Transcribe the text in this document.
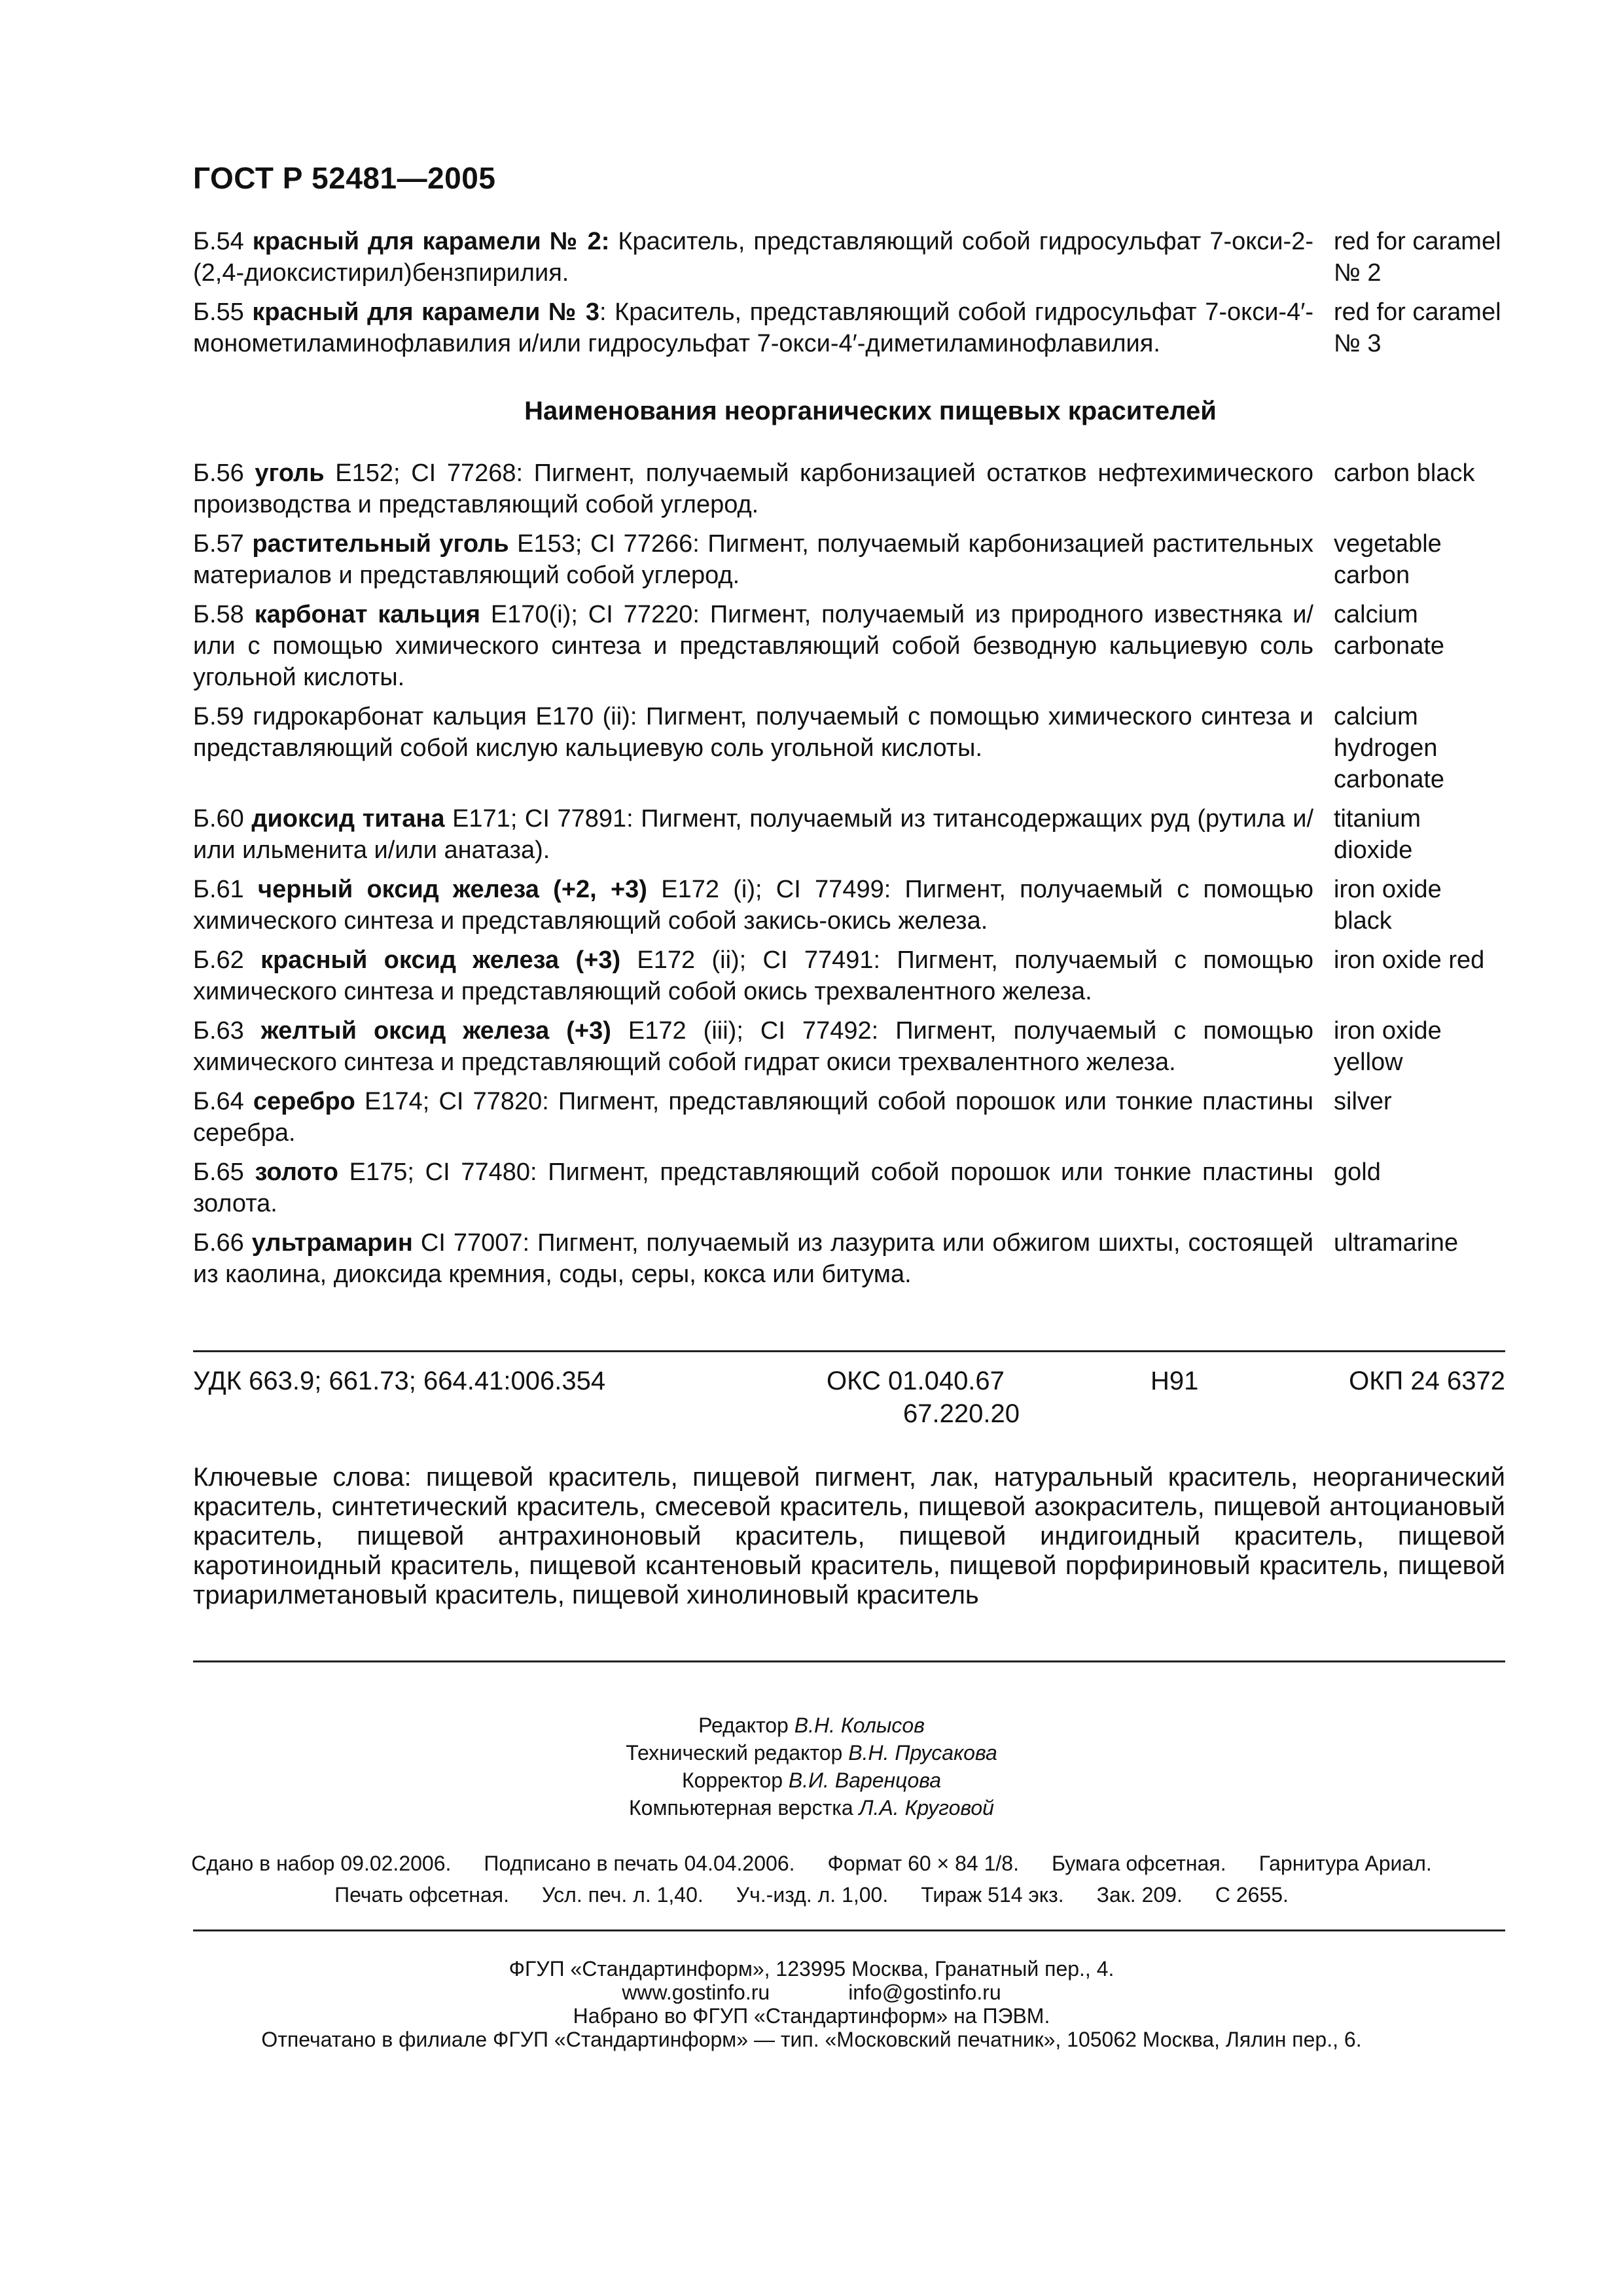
ГОСТ Р 52481—2005
Б.54 красный для карамели № 2: Краситель, представляющий собой гидросульфат 7-окси-2-(2,4-диоксистирил)бензпирилия.
red for caramel № 2
Б.55 красный для карамели № 3: Краситель, представляющий собой гидросульфат 7-окси-4′-монометиламинофлавилия и/или гидросульфат 7-окси-4′-диметиламинофлавилия.
red for caramel № 3
Наименования неорганических пищевых красителей
Б.56 уголь Е152; CI 77268: Пигмент, получаемый карбонизацией остатков нефтехимического производства и представляющий собой углерод.
carbon black
Б.57 растительный уголь Е153; CI 77266: Пигмент, получаемый карбонизацией растительных материалов и представляющий собой углерод.
vegetable carbon
Б.58 карбонат кальция Е170(i); CI 77220: Пигмент, получаемый из природного известняка и/или с помощью химического синтеза и представляющий собой безводную кальциевую соль угольной кислоты.
calcium carbonate
Б.59 гидрокарбонат кальция Е170 (ii): Пигмент, получаемый с помощью химического синтеза и представляющий собой кислую кальциевую соль угольной кислоты.
calcium hydrogen carbonate
Б.60 диоксид титана Е171; CI 77891: Пигмент, получаемый из титансодержащих руд (рутила и/или ильменита и/или анатаза).
titanium dioxide
Б.61 черный оксид железа (+2, +3) Е172 (i); CI 77499: Пигмент, получаемый с помощью химического синтеза и представляющий собой закись-окись железа.
iron oxide black
Б.62 красный оксид железа (+3) Е172 (ii); CI 77491: Пигмент, получаемый с помощью химического синтеза и представляющий собой окись трехвалентного железа.
iron oxide red
Б.63 желтый оксид железа (+3) Е172 (iii); CI 77492: Пигмент, получаемый с помощью химического синтеза и представляющий собой гидрат окиси трехвалентного железа.
iron oxide yellow
Б.64 серебро Е174; CI 77820: Пигмент, представляющий собой порошок или тонкие пластины серебра.
silver
Б.65 золото Е175; CI 77480: Пигмент, представляющий собой порошок или тонкие пластины золота.
gold
Б.66 ультрамарин CI 77007: Пигмент, получаемый из лазурита или обжигом шихты, состоящей из каолина, диоксида кремния, соды, серы, кокса или битума.
ultramarine
УДК 663.9; 661.73; 664.41:006.354	ОКС 01.040.67
67.220.20
Н91	ОКП 24 6372
Ключевые слова: пищевой краситель, пищевой пигмент, лак, натуральный краситель, неорганический краситель, синтетический краситель, смесевой краситель, пищевой азокраситель, пищевой антоциановый краситель, пищевой антрахиноновый краситель, пищевой индигоидный краситель, пищевой каротиноидный краситель, пищевой ксантеновый краситель, пищевой порфириновый краситель, пищевой триарилметановый краситель, пищевой хинолиновый краситель
Редактор В.Н. Колысов
Технический редактор В.Н. Прусакова
Корректор В.И. Варенцова
Компьютерная верстка Л.А. Круговой
Сдано в набор 09.02.2006. Подписано в печать 04.04.2006. Формат 60 × 84 1/8. Бумага офсетная. Гарнитура Ариал.
Печать офсетная. Усл. печ. л. 1,40. Уч.-изд. л. 1,00. Тираж 514 экз. Зак. 209. С 2655.
ФГУП «Стандартинформ», 123995 Москва, Гранатный пер., 4.
www.gostinfo.ru	info@gostinfo.ru
Набрано во ФГУП «Стандартинформ» на ПЭВМ.
Отпечатано в филиале ФГУП «Стандартинформ» — тип. «Московский печатник», 105062 Москва, Лялин пер., 6.
